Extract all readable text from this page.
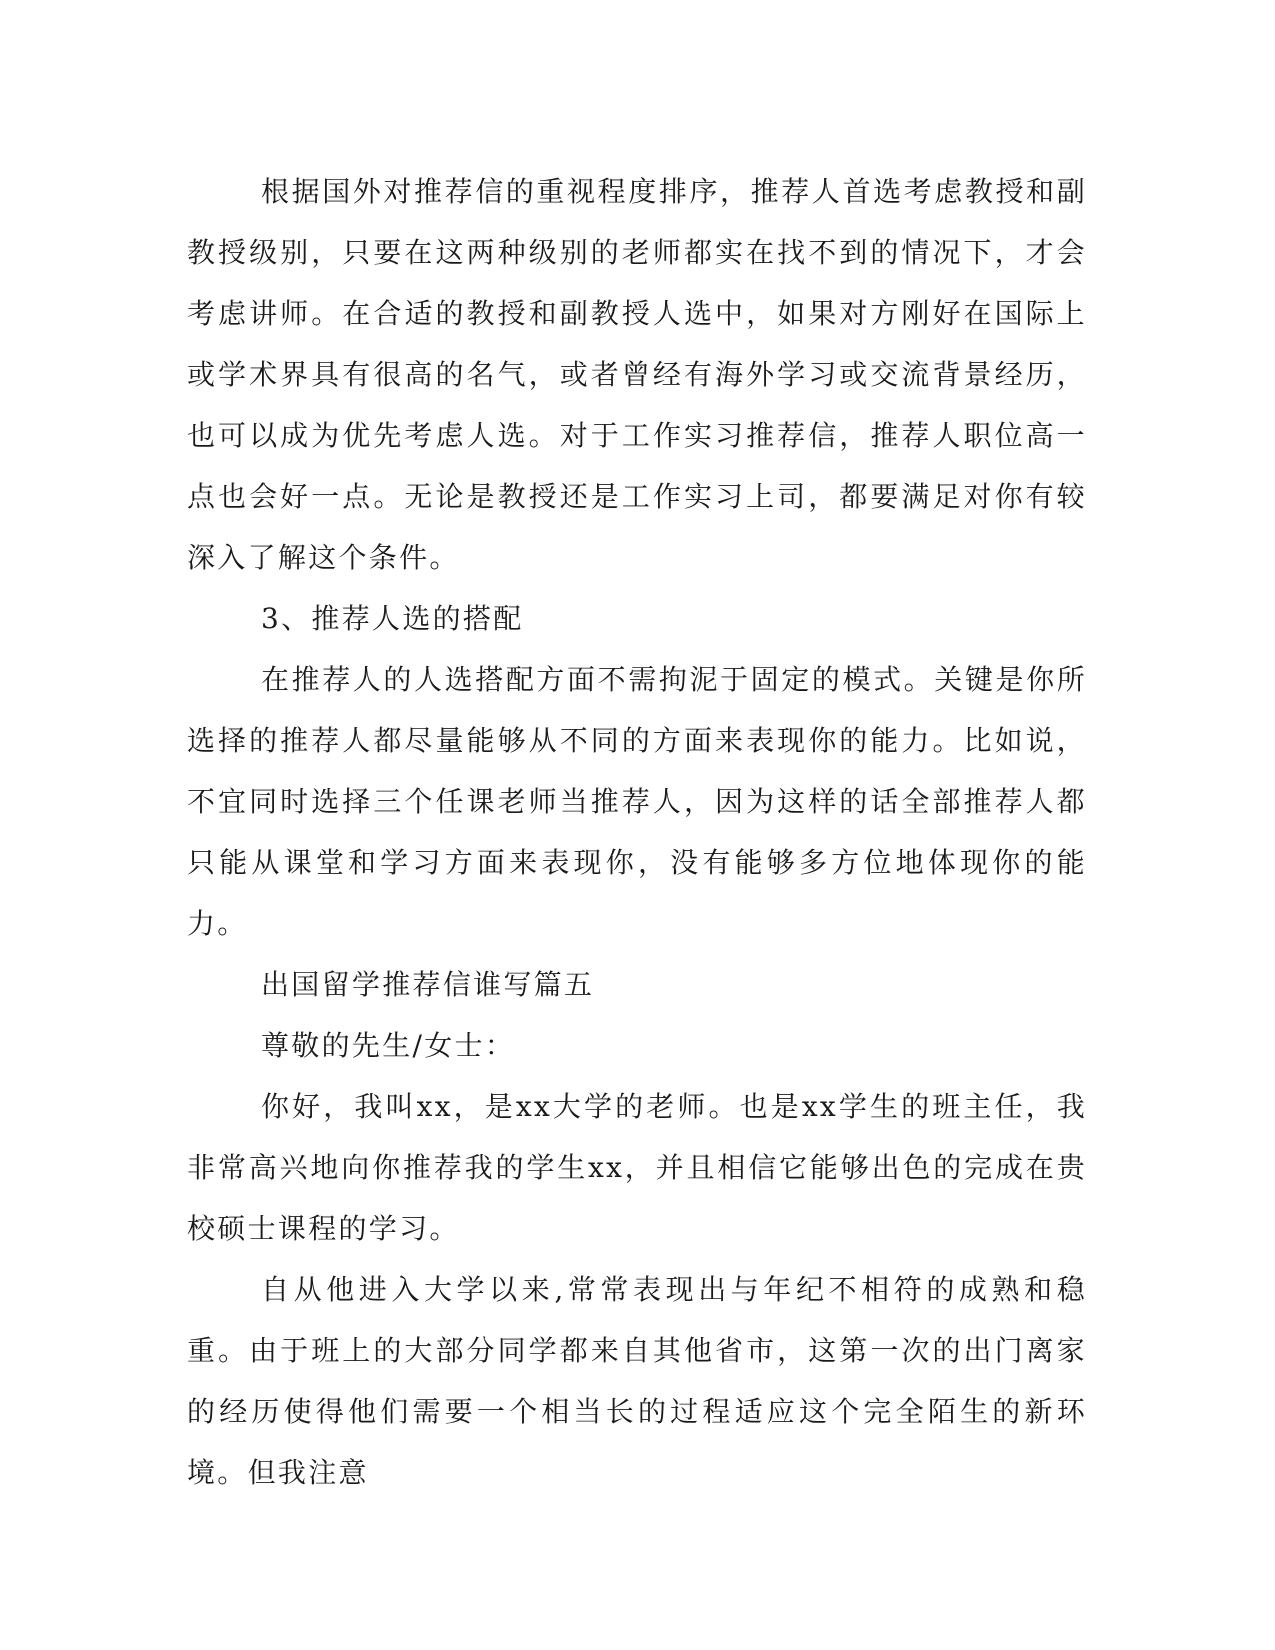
根据国外对推荐信的重视程度排序，推荐人首选考虑教授和副教授级别，只要在这两种级别的老师都实在找不到的情况下，才会考虑讲师。在合适的教授和副教授人选中，如果对方刚好在国际上或学术界具有很高的名气，或者曾经有海外学习或交流背景经历，也可以成为优先考虑人选。对于工作实习推荐信，推荐人职位高一点也会好一点。无论是教授还是工作实习上司，都要满足对你有较深入了解这个条件。

3、推荐人选的搭配

在推荐人的人选搭配方面不需拘泥于固定的模式。关键是你所选择的推荐人都尽量能够从不同的方面来表现你的能力。比如说，不宜同时选择三个任课老师当推荐人，因为这样的话全部推荐人都只能从课堂和学习方面来表现你，没有能够多方位地体现你的能力。

出国留学推荐信谁写篇五

尊敬的先生/女士：

你好，我叫xx，是xx大学的老师。也是xx学生的班主任，我非常高兴地向你推荐我的学生xx，并且相信它能够出色的完成在贵校硕士课程的学习。

自从他进入大学以来,常常表现出与年纪不相符的成熟和稳重。由于班上的大部分同学都来自其他省市，这第一次的出门离家的经历使得他们需要一个相当长的过程适应这个完全陌生的新环境。但我注意
